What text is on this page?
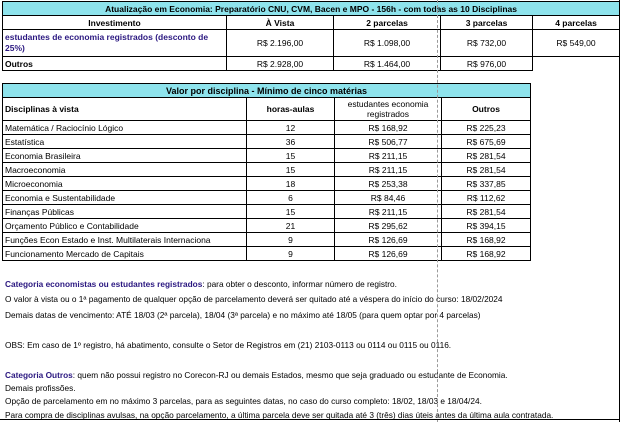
Atualização em Economia: Preparatório CNU, CVM, Bacen e MPO - 156h - com todas as 10 Disciplinas				
Investimento	À Vista	2 parcelas	3 parcelas	4 parcelas
estudantes de economia registrados (desconto de 25%)	R$ 2.196,00	R$ 1.098,00	R$ 732,00	R$ 549,00
Outros	R$ 2.928,00	R$ 1.464,00	R$ 976,00	
Valor por disciplina - Mínimo de cinco matérias			
Disciplinas à vista	horas-aulas	estudantes economia registrados	Outros
Matemática / Raciocínio Lógico	12	R$ 168,92	R$ 225,23
Estatística	36	R$ 506,77	R$ 675,69
Economia Brasileira	15	R$ 211,15	R$ 281,54
Macroeconomia	15	R$ 211,15	R$ 281,54
Microeconomia	18	R$ 253,38	R$ 337,85
Economia e Sustentabilidade	6	R$ 84,46	R$ 112,62
Finanças Públicas	15	R$ 211,15	R$ 281,54
Orçamento Público e Contabilidade	21	R$ 295,62	R$ 394,15
Funções Econ Estado e Inst. Multilaterais Internaciona	9	R$ 126,69	R$ 168,92
Funcionamento Mercado de Capitais	9	R$ 126,69	R$ 168,92

Categoria economistas ou estudantes registrados: para obter o desconto, informar número de registro.

O valor à vista ou o 1ª pagamento de qualquer opção de parcelamento deverá ser quitado até a véspera do início do curso: 18/02/2024

Demais datas de vencimento: ATÉ 18/03 (2ª parcela), 18/04 (3ª parcela) e no máximo até 18/05 (para quem optar por 4 parcelas)

OBS: Em caso de 1º registro, há abatimento, consulte o Setor de Registros em (21) 2103-0113 ou 0114 ou 0115 ou 0116.

Categoria Outros: quem não possui registro no Corecon-RJ ou demais Estados, mesmo que seja graduado ou estudante de Economia.

Demais profissões.

Opção de parcelamento em no máximo 3 parcelas, para as seguintes datas, no caso do curso completo: 18/02, 18/03 e 18/04/24.

Para compra de disciplinas avulsas, na opção parcelamento, a última parcela deve ser quitada até 3 (três) dias úteis antes da última aula contratada.
